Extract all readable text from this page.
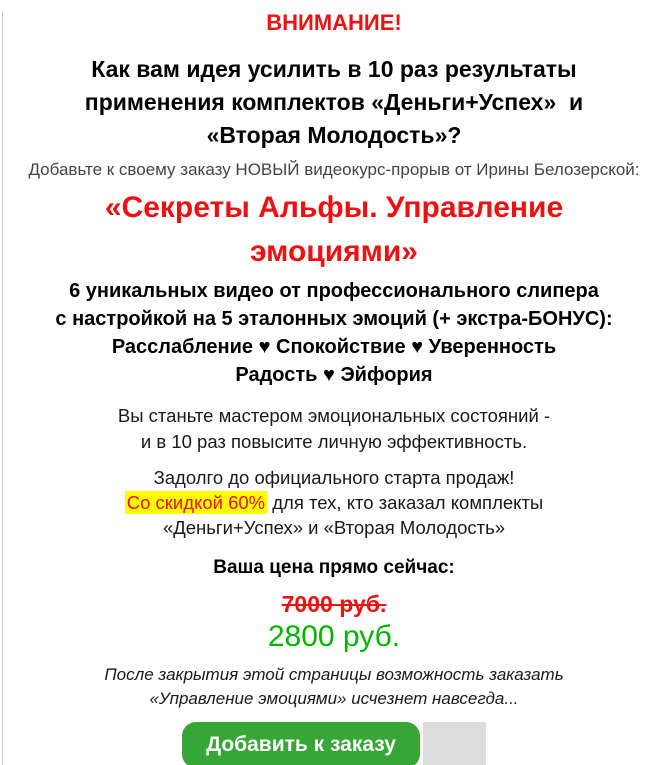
ВНИМАНИЕ!
Как вам идея усилить в 10 раз результаты
применения комплектов «Деньги+Успех»  и
«Вторая Молодость»?
Добавьте к своему заказу НОВЫЙ видеокурс-прорыв от Ирины Белозерской:
«Секреты Альфы. Управление
эмоциями»
6 уникальных видео от профессионального слипера
с настройкой на 5 эталонных эмоций (+ экстра-БОНУС):
Расслабление ♥ Спокойствие ♥ Уверенность
Радость ♥ Эйфория
Вы станьте мастером эмоциональных состояний -
и в 10 раз повысите личную эффективность.
Задолго до официального старта продаж!
Со скидкой 60% для тех, кто заказал комплекты
«Деньги+Успех» и «Вторая Молодость»
Ваша цена прямо сейчас:
7000 руб.
2800 руб.
После закрытия этой страницы возможность заказать
«Управление эмоциями» исчезнет навсегда...
Добавить к заказу
